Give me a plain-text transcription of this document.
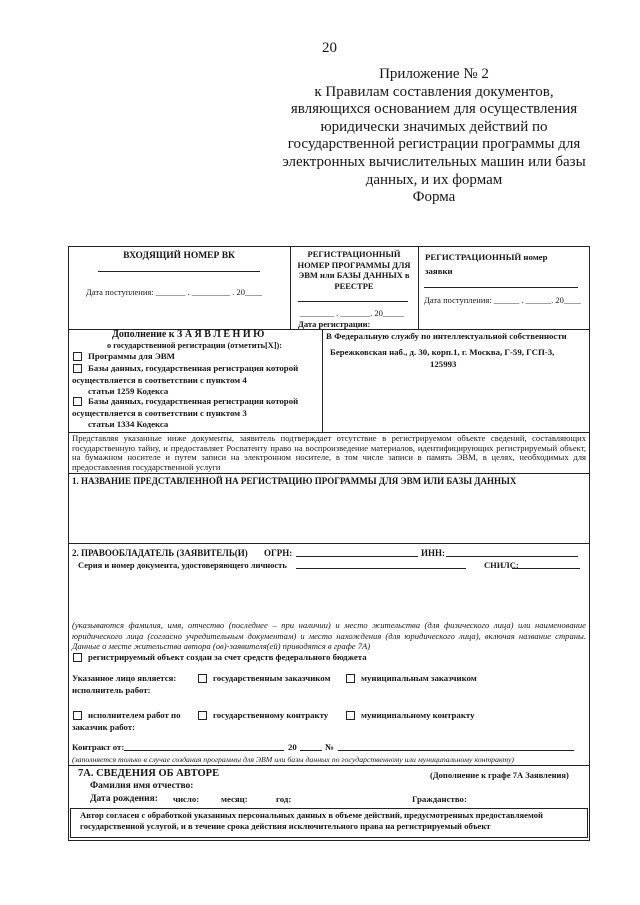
20
Приложение № 2
к Правилам составления документов,
являющихся основанием для осуществления
юридически значимых действий по
государственной регистрации программы для
электронных вычислительных машин или базы
данных, и их формам
Форма
ВХОДЯЩИЙ НОМЕР ВК
Дата поступления: _______ . _________ . 20____
РЕГИСТРАЦИОННЫЙ
НОМЕР ПРОГРАММЫ ДЛЯ
ЭВМ или БАЗЫ ДАННЫХ в
РЕЕСТРЕ
________ . _______. 20_____
Дата регистрации:
РЕГИСТРАЦИОННЫЙ номер
заявки
Дата поступления: ______ . ______. 20____
Дополнение к З А Я В Л Е Н И Ю
о государственной регистрации (отметить[X]):
Программы для ЭВМ
Базы данных, государственная регистрация которой
осуществляется в соответствии с пунктом 4
статьи 1259 Кодекса
Базы данных, государственная регистрация которой
осуществляется в соответствии с пунктом 3
статьи 1334 Кодекса
В Федеральную службу по интеллектуальной собственности
Бережковская наб., д. 30, корп.1, г. Москва, Г-59, ГСП-3,
125993
Представляя указанные ниже документы, заявитель подтверждает отсутствие в регистрируемом объекте сведений, составляющих государственную тайну, и предоставляет Роспатенту право на воспроизведение материалов, идентифицирующих регистрируемый объект, на бумажном носителе и путем записи на электронном носителе, в том числе записи в память ЭВМ, в целях, необходимых для предоставления государственной услуги
1. НАЗВАНИЕ ПРЕДСТАВЛЕННОЙ НА РЕГИСТРАЦИЮ ПРОГРАММЫ ДЛЯ ЭВМ ИЛИ БАЗЫ ДАННЫХ
2. ПРАВООБЛАДАТЕЛЬ (ЗАЯВИТЕЛЬ(И) ОГРН:	ИНН:
Серия и номер документа, удостоверяющего личность	СНИЛС:
(указываются фамилия, имя, отчество (последнее – при наличии) и место жительства (для физического лица) или наименование юридического лица (согласно учредительным документам) и место нахождения (для юридического лица), включая название страны. Данные о месте жительства автора (ов)-заявителя(ей) приводятся в графе 7А)
регистрируемый объект создан за счет средств федерального бюджета
Указанное лицо является:	государственным заказчиком	муниципальным заказчиком
исполнитель работ:
исполнителем работ по	государственному контракту	муниципальному контракту
заказчик работ:
Контракт от:	20	№
(заполняется только в случае создания программы для ЭВМ или базы данных по государственному или муниципальному контракту)
7А. СВЕДЕНИЯ ОБ АВТОРЕ	(Дополнение к графе 7А Заявления)
Фамилия имя отчество:
Дата рождения: число: месяц:	год:	Гражданство:
Автор согласен с обработкой указанных персональных данных в объеме действий, предусмотренных предоставляемой государственной услугой, и в течение срока действия исключительного права на регистрируемый объект
